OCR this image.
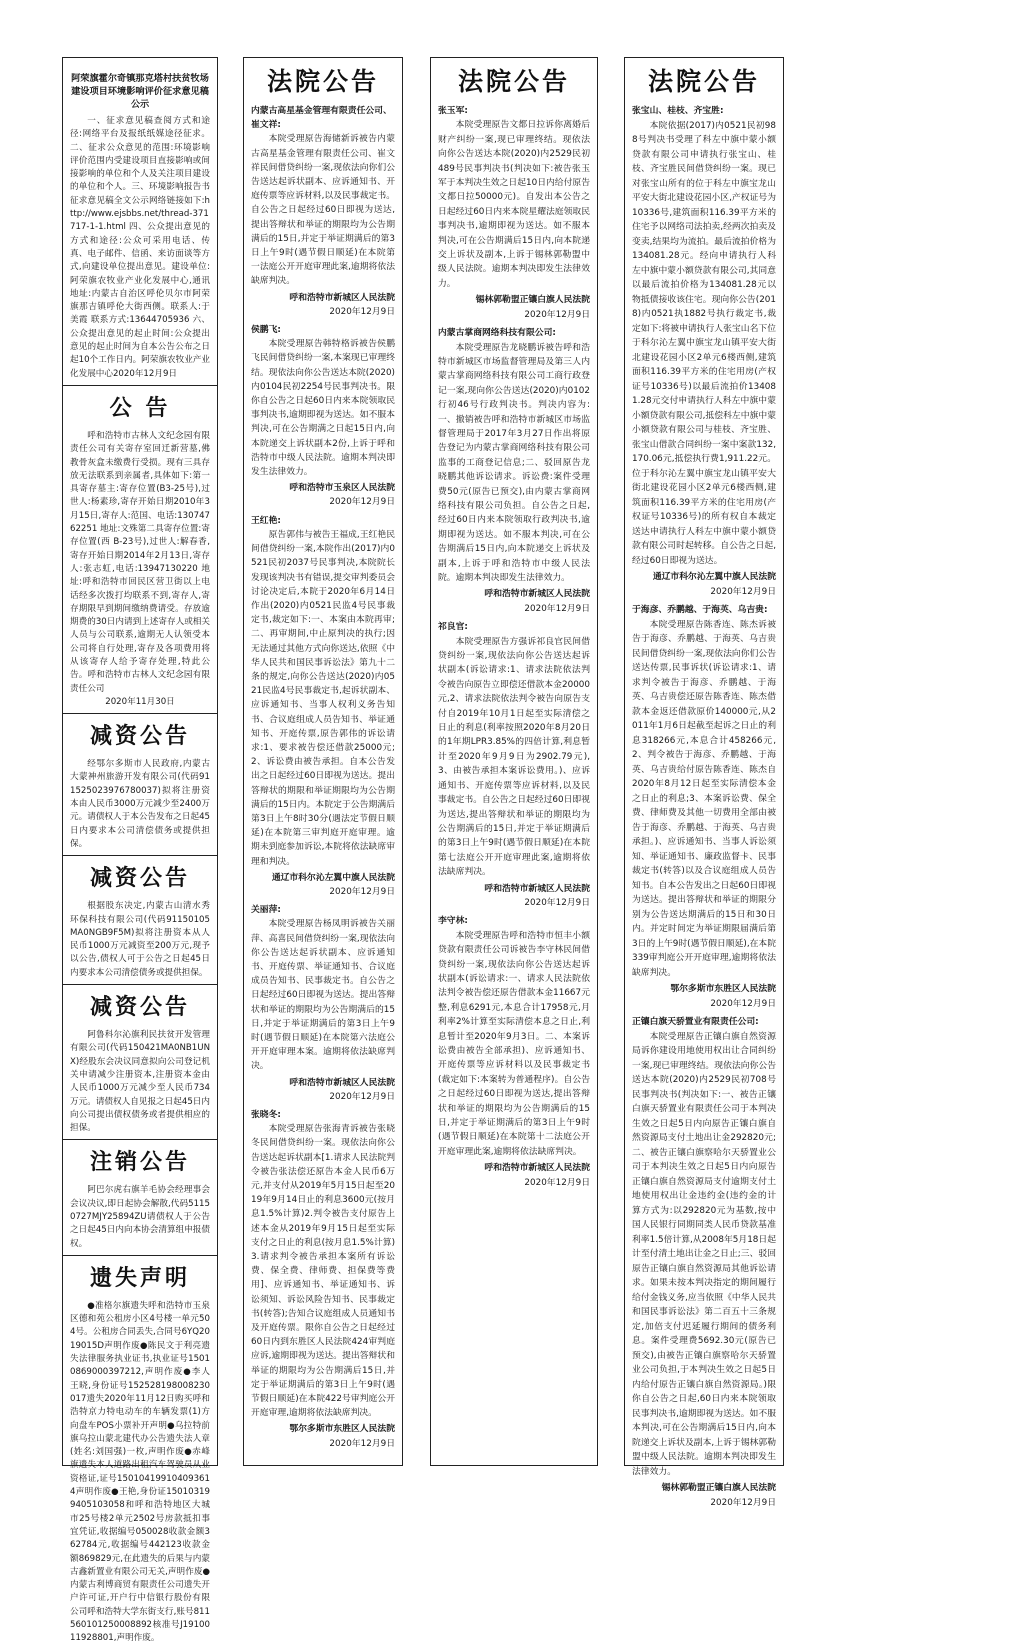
阿荣旗霍尔奇镇那克塔村扶贫牧场建设项目环境影响评价征求意见稿公示

一、征求意见稿查阅方式和途径:网络平台及报纸纸媒途径征求。二、征求公众意见的范围:环境影响评价范围内受建设项目直接影响或间接影响的单位和个人及关注项目建设的单位和个人。三、环境影响报告书征求意见稿全文公示网络链接如下:http://www.ejsbbs.net/thread-371717-1-1.html 四、公众提出意见的方式和途径:公众可采用电话、传真、电子邮件、信函、来访面谈等方式,向建设单位提出意见。建设单位:阿荣旗农牧业产业化发展中心,通讯地址:内蒙古自治区呼伦贝尔市阿荣旗那吉镇呼伦大街西侧。联系人:于美霞 联系方式:13644705936 六、公众提出意见的起止时间:公众提出意见的起止时间为自本公告公布之日起10个工作日内。阿荣旗农牧业产业化发展中心2020年12月9日

公 告

呼和浩特市古林人文纪念园有限责任公司有关寄存室回迁新营墓,佛教骨灰盒未缴费行受损。现有三具存放无法联系到亲属者,具体如下:第一具寄存墓主:寄存位置(B3-25号),过世人:杨素珍,寄存开始日期2010年3月15日,寄存人:范国、电话:13074762251 地址:文殊第二具寄存位置:寄存位置(西 B-23号),过世人:解春香,寄存开始日期2014年2月13日,寄存人:张志虹,电话:13947130220 地址:呼和浩特市回民区营卫街以上电话经多次拨打均联系不到,寄存人,寄存期限早到期间缴纳费请受。存放逾期费的30日内请到上述寄存人或相关人员与公司联系,逾期无人认领受本公司将自行处理,寄存及各项费用将从该寄存人给予寄存处理,特此公告。呼和浩特市古林人文纪念园有限责任公司

2020年11月30日
减资公告

经鄂尔多斯市人民政府,内蒙古大蒙神州旅游开发有限公司(代码911525023976780037)拟将注册资本由人民币3000万元减少至2400万元。请债权人于本公告发布之日起45日内要求本公司清偿债务或提供担保。

减资公告

根据股东决定,内蒙古山清水秀环保科技有限公司(代码91150105MA0NGB9F5M)拟将注册资本从人民币1000万元减资至200万元,现予以公告,债权人可于公告之日起45日内要求本公司清偿债务或提供担保。

减资公告

阿鲁科尔沁旗利民扶贫开发管理有限公司(代码150421MA0NB1UN X)经股东会决议同意拟向公司登记机关申请减少注册资本,注册资本金由人民币1000万元减少至人民币734万元。请债权人自见报之日起45日内向公司提出债权债务或者提供相应的担保。

注销公告

阿巴尔虎右旗羊毛协会经理事会会议决议,即日起协会解散,代码51150727MJY25894ZU请债权人于公告之日起45日内向本协会清算组申报债权。

遗失声明

●准格尔旗遗失呼和浩特市玉泉区德和苑公租房小区4号楼一单元504号。公租房合同丢失,合同号6YQ2019015D声明作废●陈民文于利亮遗失法律服务执业证书,执业证号15010869000397212,声明作废●李人王晓,身份证号152528198008230017遗失2020年11月12日购买呼和浩特京力特电动车的车辆发票(1)方向盘车POS小票补开声明●乌拉特前旗乌拉山蒙北建代办公告遗失法人章(姓名:刘国强)一枚,声明作废●赤峰旗遗失本人道路出租汽车驾驶员从业资格证,证号150104199104093614声明作废●王艳,身份证150103199405103058和呼和浩特地区大城市25号楼2单元2502号房款抵扣事宜凭证,收据编号050028收款金额362784元,收据编号442123收款金额869829元,在此遗失的后果与内蒙古鑫新置业有限公司无关,声明作废●内蒙古利博商贸有限责任公司遗失开户许可证,开户行中信银行股份有限公司呼和浩特大学东街支行,账号811560101250008892核准号J1910011928801,声明作废。

法院公告

内蒙古高星基金管理有限责任公司、崔文祥:

本院受理原告海储新诉被告内蒙古高星基金管理有限责任公司、崔文祥民间借贷纠纷一案,现依法向你们公告送达起诉状副本、应诉通知书、开庭传票等应诉材料,以及民事裁定书。自公告之日起经过60日即视为送达,提出答辩状和举证的期限均为公告期满后的15日,并定于举证期满后的第3日上午9时(遇节假日顺延)在本院第一法庭公开开庭审理此案,逾期将依法缺席判决。

呼和浩特市新城区人民法院

2020年12月9日

侯鹏飞:

本院受理原告韩特格诉被告侯鹏飞民间借贷纠纷一案,本案现已审理终结。现依法向你公告送达本院(2020)内0104民初2254号民事判决书。限你自公告之日起60日内来本院领取民事判决书,逾期即视为送达。如不服本判决,可在公告期满之日起15日内,向本院递交上诉状副本2份,上诉于呼和浩特市中级人民法院。逾期本判决即发生法律效力。

呼和浩特市玉泉区人民法院

2020年12月9日

王红艳:

原告郭伟与被告王福成,王红艳民间借贷纠纷一案,本院作出(2017)内0521民初2037号民事判决,本院院长发现该判决书有错误,提交审判委员会讨论决定后,本院于2020年6月14日作出(2020)内0521民监4号民事裁定书,裁定如下:一、本案由本院再审;二、再审期间,中止原判决的执行;因无法通过其他方式向你送达,依照《中华人民共和国民事诉讼法》第九十二条的规定,向你公告送达(2020)内0521民监4号民事裁定书,起诉状副本、应诉通知书、当事人权利义务告知书、合议庭组成人员告知书、举证通知书、开庭传票,原告郭伟的诉讼请求:1、要求被告偿还借款25000元;2、诉讼费由被告承担。自本公告发出之日起经过60日即视为送达。提出答辩状的期限和举证期限均为公告期满后的15日内。本院定于公告期满后第3日上午8时30分(遇法定节假日顺延)在本院第三审判庭开庭审理。逾期未到庭参加诉讼,本院将依法缺席审理和判决。

通辽市科尔沁左翼中旗人民法院

2020年12月9日

关丽萍:

本院受理原告杨凤明诉被告关丽萍、高喜民间借贷纠纷一案,现依法向你公告送达起诉状副本、应诉通知书、开庭传票、举证通知书、合议庭成员告知书、民事裁定书。自公告之日起经过60日即视为送达。提出答辩状和举证的期限均为公告期满后的15日,并定于举证期满后的第3日上午9时(遇节假日顺延)在本院第六法庭公开开庭审理本案。逾期将依法缺席判决。

呼和浩特市新城区人民法院

2020年12月9日

张晓冬:

本院受理原告张海青诉被告张晓冬民间借贷纠纷一案。现依法向你公告送达起诉状副本[1.请求人民法院判令被告张法偿还原告本金人民币6万元,并支付从2019年5月15日起至2019年9月14日止的利息3600元(按月息1.5%计算)2.判令被告支付原告上述本金从2019年9月15日起至实际支付之日止的利息(按月息1.5%计算)3.请求判令被告承担本案所有诉讼费、保全费、律师费、担保费等费用]、应诉通知书、举证通知书、诉讼须知、诉讼风险告知书、民事裁定书(转答);告知合议庭组成人员通知书及开庭传票。限你自公告之日起经过60日内到东胜区人民法院424审判庭应诉,逾期即视为送达。提出答辩状和举证的期限均为公告期满后15日,并定于举证期满后的第3日上午9时(遇节假日顺延)在本院422号审判庭公开开庭审理,逾期将依法缺席判决。

鄂尔多斯市东胜区人民法院

2020年12月9日

法院公告

张玉军:

本院受理原告文都日拉诉你离婚后财产纠纷一案,现已审理终结。现依法向你公告送达本院(2020)内2529民初489号民事判决书(判决如下:被告张玉军于本判决生效之日起10日内给付原告文都日拉50000元)。自发出本公告之日起经过60日内来本院星耀法庭领取民事判决书,逾期即视为送达。如不服本判决,可在公告期满后15日内,向本院递交上诉状及副本,上诉于锡林郭勒盟中级人民法院。逾期本判决即发生法律效力。

锡林郭勒盟正镶白旗人民法院

2020年12月9日

内蒙古掌商网络科技有限公司:

本院受理原告龙晓鹏诉被告呼和浩特市新城区市场监督管理局及第三人内蒙古掌商网络科技有限公司工商行政登记一案,现向你公告送达(2020)内0102行初46号行政判决书。判决内容为:一、撤销被告呼和浩特市新城区市场监督管理局于2017年3月27日作出将原告登记为内蒙古掌商网络科技有限公司监事的工商登记信息;二、驳回原告龙晓鹏其他诉讼请求。诉讼费:案件受理费50元(原告已预交),由内蒙古掌商网络科技有限公司负担。自公告之日起,经过60日内来本院领取行政判决书,逾期即视为送达。如不服本判决,可在公告期满后15日内,向本院递交上诉状及副本,上诉于呼和浩特市中级人民法院。逾期本判决即发生法律效力。

呼和浩特市新城区人民法院

2020年12月9日

祁良官:

本院受理原告方强诉祁良官民间借贷纠纷一案,现依法向你公告送达起诉状副本(诉讼请求:1、请求法院依法判令被告向原告立即偿还借款本金20000元,2、请求法院依法判令被告向原告支付自2019年10月1日起至实际清偿之日止的利息(利率按照2020年8月20日的1年期LPR3.85%的四倍计算,利息暂计至2020年9月9日为2902.79元),3、由被告承担本案诉讼费用。)、应诉通知书、开庭传票等应诉材料,以及民事裁定书。自公告之日起经过60日即视为送达,提出答辩状和举证的期限均为公告期满后的15日,并定于举证期满后的第3日上午9时(遇节假日顺延)在本院第七法庭公开开庭审理此案,逾期将依法缺席判决。

呼和浩特市新城区人民法院

2020年12月9日

李守林:

本院受理原告呼和浩特市恒丰小额贷款有限责任公司诉被告李守林民间借贷纠纷一案,现依法向你公告送达起诉状副本(诉讼请求:一、请求人民法院依法判令被告偿还原告借款本金11667元整,利息6291元,本息合计17958元,月利率2%计算至实际清偿本息之日止,利息暂计至2020年9月3日。二、本案诉讼费由被告全部承担)、应诉通知书、开庭传票等应诉材料以及民事裁定书(裁定如下:本案转为普通程序)。自公告之日起经过60日即视为送达,提出答辩状和举证的期限均为公告期满后的15日,并定于举证期满后的第3日上午9时(遇节假日顺延)在本院第十二法庭公开开庭审理此案,逾期将依法缺席判决。

呼和浩特市新城区人民法院

2020年12月9日

法院公告

张宝山、桂枝、齐宝胜:

本院依据(2017)内0521民初988号判决书受理了科左中旗中蒙小额贷款有限公司申请执行张宝山、桂枝、齐宝胜民间借贷纠纷一案。现已对张宝山所有的位于科左中旗宝龙山平安大街北建设花园小区,产权证号为10336号,建筑面积116.39平方米的住宅予以网络司法拍卖,经两次拍卖及变卖,结果均为流拍。最后流拍价格为134081.28元。经向申请执行人科左中旗中蒙小额贷款有限公司,其同意以最后流拍价格为134081.28元以物抵债接收该住宅。现向你公告(2018)内0521执1882号执行裁定书,裁定如下:将被申请执行人张宝山名下位于科尔沁左翼中旗宝龙山镇平安大街北建设花园小区2单元6楼西侧,建筑面积116.39平方米的住宅用房(产权证号10336号)以最后流拍价134081.28元交付申请执行人科左中旗中蒙小额贷款有限公司,抵偿科左中旗中蒙小额贷款有限公司与桂枝、齐宝胜、张宝山借款合同纠纷一案中案款132,170.06元,抵偿执行费1,911.22元。位于科尔沁左翼中旗宝龙山镇平安大街北建设花园小区2单元6楼西侧,建筑面积116.39平方米的住宅用房(产权证号10336号)的所有权自本裁定送达申请执行人科左中旗中蒙小额贷款有限公司时起转移。自公告之日起,经过60日即视为送达。

通辽市科尔沁左翼中旗人民法院

2020年12月9日

于海彦、乔鹏越、于海英、乌吉贵:

本院受理原告陈香连、陈杰诉被告于海彦、乔鹏越、于海英、乌吉贵民间借贷纠纷一案,现依法向你们公告送达传票,民事诉状(诉讼请求:1、请求判令被告于海彦、乔鹏越、于海英、乌吉贵偿还原告陈香连、陈杰借款本金返还借款原价140000元,从2011年1月6日起截至起诉之日止的利息318266元,本息合计458266元,2、判令被告于海彦、乔鹏越、于海英、乌吉贵给付原告陈香连、陈杰自2020年8月12日起至实际清偿本金之日止的利息;3、本案诉讼费、保全费、律师费及其他一切费用全部由被告于海彦、乔鹏越、于海英、乌吉贵承担。)、应诉通知书、当事人诉讼须知、举证通知书、廉政监督卡、民事裁定书(转答)以及合议庭组成人员告知书。自本公告发出之日起60日即视为送达。提出答辩状和举证的期限分别为公告送达期满后的15日和30日内。并定时间定为举证期限届满后第3日的上午9时(遇节假日顺延),在本院339审判庭公开开庭审理,逾期将依法缺席判决。

鄂尔多斯市东胜区人民法院

2020年12月9日

正镶白旗天骄置业有限责任公司:

本院受理原告正镶白旗自然资源局诉你建设用地使用权出让合同纠纷一案,现已审理终结。现依法向你公告送达本院(2020)内2529民初708号民事判决书(判决如下:一、被告正镶白旗天骄置业有限责任公司于本判决生效之日起5日内向原告正镶白旗自然资源局支付土地出让金292820元;二、被告正镶白旗察哈尔天骄置业公司于本判决生效之日起5日内向原告正镶白旗自然资源局支付逾期支付土地使用权出让金违约金(违约金的计算方式为:以292820元为基数,按中国人民银行同期同类人民币贷款基准利率1.5倍计算,从2008年5月18日起计至付清土地出让金之日止;三、驳回原告正镶白旗自然资源局其他诉讼请求。如果未按本判决指定的期间履行给付金钱义务,应当依照《中华人民共和国民事诉讼法》第二百五十三条规定,加倍支付迟延履行期间的债务利息。案件受理费5692.30元(原告已预交),由被告正镶白旗察哈尔天骄置业公司负担,于本判决生效之日起5日内给付原告正镶白旗自然资源局。)限你自公告之日起,60日内来本院领取民事判决书,逾期即视为送达。如不服本判决,可在公告期满后15日内,向本院递交上诉状及副本,上诉于锡林郭勒盟中级人民法院。逾期本判决即发生法律效力。

锡林郭勒盟正镶白旗人民法院

2020年12月9日
